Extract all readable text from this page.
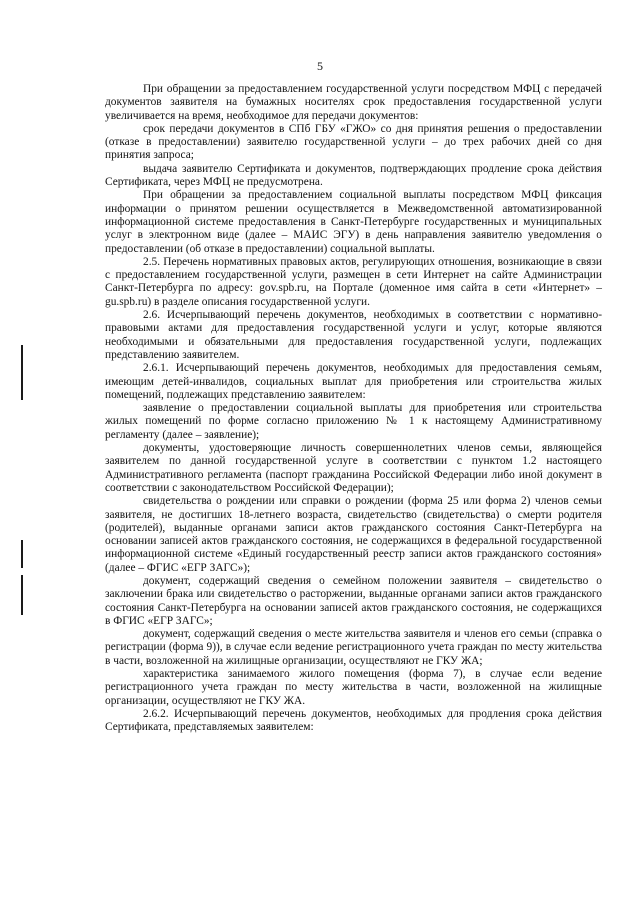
5

При обращении за предоставлением государственной услуги посредством МФЦ с передачей документов заявителя на бумажных носителях срок предоставления государственной услуги увеличивается на время, необходимое для передачи документов:

срок передачи документов в СПб ГБУ «ГЖО» со дня принятия решения о предоставлении (отказе в предоставлении) заявителю государственной услуги – до трех рабочих дней со дня принятия запроса;

выдача заявителю Сертификата и документов, подтверждающих продление срока действия Сертификата, через МФЦ не предусмотрена.

При обращении за предоставлением социальной выплаты посредством МФЦ фиксация информации о принятом решении осуществляется в Межведомственной автоматизированной информационной системе предоставления в Санкт-Петербурге государственных и муниципальных услуг в электронном виде (далее – МАИС ЭГУ) в день направления заявителю уведомления о предоставлении (об отказе в предоставлении) социальной выплаты.

2.5. Перечень нормативных правовых актов, регулирующих отношения, возникающие в связи с предоставлением государственной услуги, размещен в сети Интернет на сайте Администрации Санкт-Петербурга по адресу: gov.spb.ru, на Портале (доменное имя сайта в сети «Интернет» – gu.spb.ru) в разделе описания государственной услуги.

2.6. Исчерпывающий перечень документов, необходимых в соответствии с нормативно-правовыми актами для предоставления государственной услуги и услуг, которые являются необходимыми и обязательными для предоставления государственной услуги, подлежащих представлению заявителем.

2.6.1. Исчерпывающий перечень документов, необходимых для предоставления семьям, имеющим детей-инвалидов, социальных выплат для приобретения или строительства жилых помещений, подлежащих представлению заявителем:

заявление о предоставлении социальной выплаты для приобретения или строительства жилых помещений по форме согласно приложению № 1 к настоящему Административному регламенту (далее – заявление);

документы, удостоверяющие личность совершеннолетних членов семьи, являющейся заявителем по данной государственной услуге в соответствии с пунктом 1.2 настоящего Административного регламента (паспорт гражданина Российской Федерации либо иной документ в соответствии с законодательством Российской Федерации);

свидетельства о рождении или справки о рождении (форма 25 или форма 2) членов семьи заявителя, не достигших 18-летнего возраста, свидетельство (свидетельства) о смерти родителя (родителей), выданные органами записи актов гражданского состояния Санкт-Петербурга на основании записей актов гражданского состояния, не содержащихся в федеральной государственной информационной системе «Единый государственный реестр записи актов гражданского состояния» (далее – ФГИС «ЕГР ЗАГС»);

документ, содержащий сведения о семейном положении заявителя – свидетельство о заключении брака или свидетельство о расторжении, выданные органами записи актов гражданского состояния Санкт-Петербурга на основании записей актов гражданского состояния, не содержащихся в ФГИС «ЕГР ЗАГС»;

документ, содержащий сведения о месте жительства заявителя и членов его семьи (справка о регистрации (форма 9)), в случае если ведение регистрационного учета граждан по месту жительства в части, возложенной на жилищные организации, осуществляют не ГКУ ЖА;

характеристика занимаемого жилого помещения (форма 7), в случае если ведение регистрационного учета граждан по месту жительства в части, возложенной на жилищные организации, осуществляют не ГКУ ЖА.

2.6.2. Исчерпывающий перечень документов, необходимых для продления срока действия Сертификата, представляемых заявителем:
